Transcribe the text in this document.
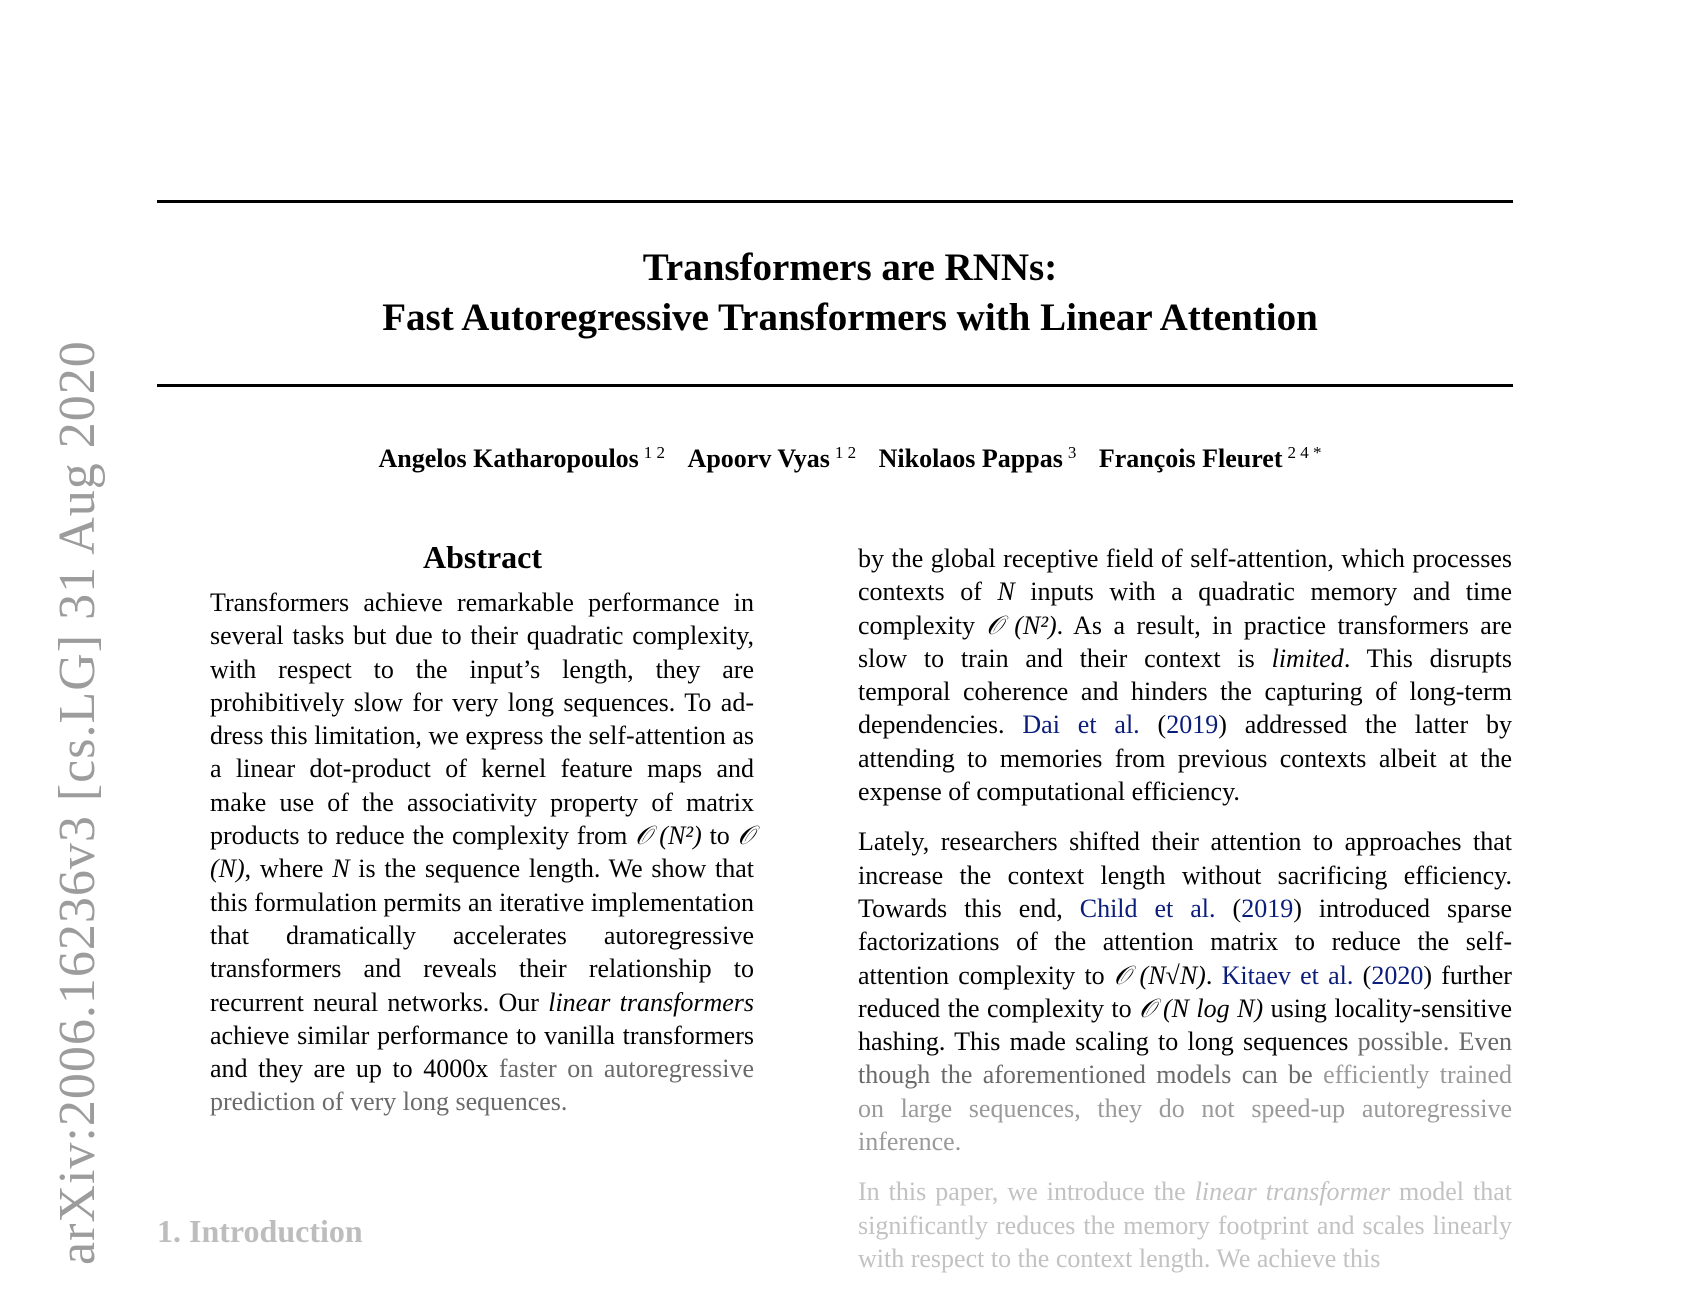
Transformers are RNNs:
Fast Autoregressive Transformers with Linear Attention
Angelos Katharopoulos $^{1 2}$ Apoorv Vyas $^{1 2}$ Nikolaos Pappas $^3$ François Fleuret $^{2 4 *}$
Abstract
Transformers achieve remarkable performance in several tasks but due to their quadratic complexity, with respect to the input’s length, they are prohibitively slow for very long sequences. To address this limitation, we express the self-attention as a linear dot-product of kernel feature maps and make use of the associativity property of matrix products to reduce the complexity from 𝒪 (N²) to 𝒪 (N), where N is the sequence length. We show that this formulation permits an iterative implementation that dramatically accelerates autoregressive transformers and reveals their relationship to recurrent neural networks. Our linear transformers achieve similar performance to vanilla transformers and they are up to 4000x faster on autoregressive prediction of very long sequences.
1. Introduction

by the global receptive field of self-attention, which processes contexts of N inputs with a quadratic memory and time complexity 𝒪 (N²). As a result, in practice transformers are slow to train and their context is limited. This disrupts temporal coherence and hinders the capturing of long-term dependencies. Dai et al. (2019) addressed the latter by attending to memories from previous contexts albeit at the expense of computational efficiency.

Lately, researchers shifted their attention to approaches that increase the context length without sacrificing efficiency. Towards this end, Child et al. (2019) introduced sparse factorizations of the attention matrix to reduce the self-attention complexity to 𝒪 (N√N). Kitaev et al. (2020) further reduced the complexity to 𝒪 (N log N) using locality-sensitive hashing. This made scaling to long sequences possible. Even though the aforementioned models can be efficiently trained on large sequences, they do not speed-up autoregressive inference.

In this paper, we introduce the linear transformer model that significantly reduces the memory footprint and scales linearly with respect to the context length. We achieve this

arXiv:2006.16236v3 [cs.LG] 31 Aug 2020
